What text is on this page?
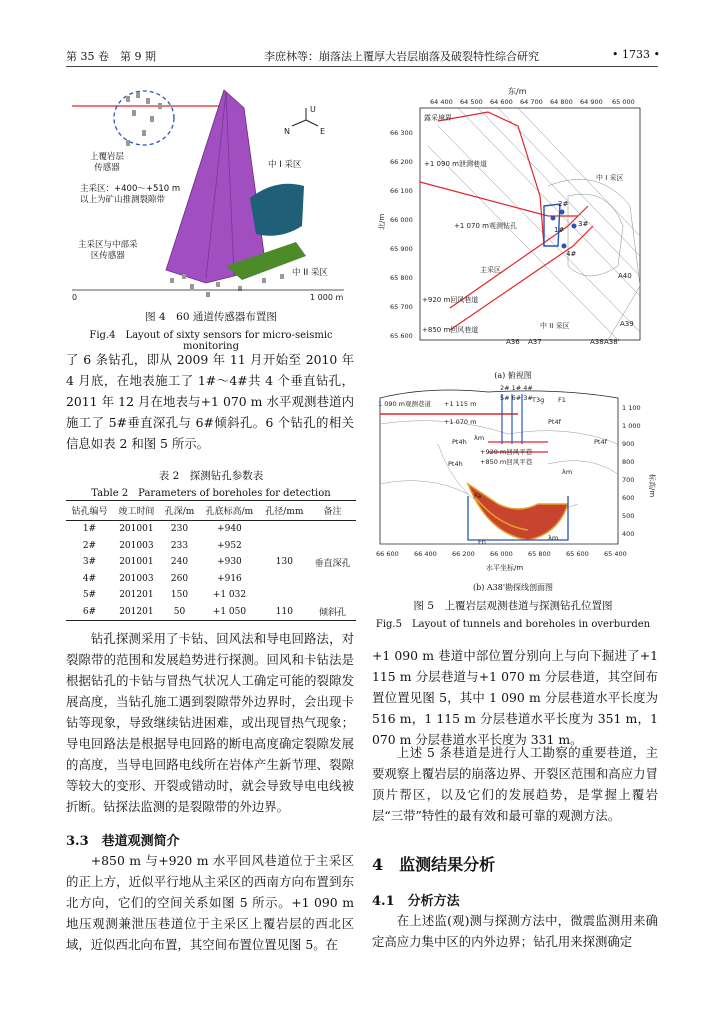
第 35 卷　第 9 期	李庶林等：崩落法上覆厚大岩层崩落及破裂特性综合研究	• 1733 •
U
N	E
0	1 000 m
上覆岩层
传感器	中 I 采区
主采区：+400～+510 m
以上为矿山推测裂隙带
主采区与中部采
区传感器
中 II 采区
图 4　60 通道传感器布置图
Fig.4　Layout of sixty sensors for micro-seismic monitoring

了 6 条钻孔，即从 2009 年 11 月开始至 2010 年 4 月底，在地表施工了 1#～4#共 4 个垂直钻孔，2011 年 12 月在地表与+1 070 m 水平观测巷道内施工了 5#垂直深孔与 6#倾斜孔。6 个钻孔的相关信息如表 2 和图 5 所示。

表 2　探测钻孔参数表
Table 2　Parameters of boreholes for detection
钻孔编号	竣工时间	孔深/m	孔底标高/m	孔径/mm	备注
1#	201001	230	+940		
2#	201003	233	+952		
3#	201001	240	+930	130	垂直深孔
4#	201003	260	+916		
5#	201201	150	+1 032		
6#	201201	50	+1 050	110	倾斜孔

钻孔探测采用了卡钻、回风法和导电回路法，对裂隙带的范围和发展趋势进行探测。回风和卡钻法是根据钻孔的卡钻与冒热气状况人工确定可能的裂隙发展高度，当钻孔施工遇到裂隙带外边界时，会出现卡钻等现象，导致继续钻进困难，或出现冒热气现象；导电回路法是根据导电回路的断电高度确定裂隙发展的高度，当导电回路电线所在岩体产生新节理、裂隙等较大的变形、开裂或错动时，就会导致导电电线被折断。钻探法监测的是裂隙带的外边界。

3.3　巷道观测简介

+850 m 与+920 m 水平回风巷道位于主采区的正上方，近似平行地从主采区的西南方向布置到东北方向，它们的空间关系如图 5 所示。+1 090 m 地压观测兼泄压巷道位于主采区上覆岩层的西北区域，近似西北向布置，其空间布置位置见图 5。在

东/m
64 400 64 500 64 600 64 700 64 800 64 900 65 000
66 300
66 200
66 100
66 000
65 900
65 800
65 700
65 600
北/m
露采境界
+1 090 m泄测巷道
+1 070 m观测钻孔
+920 m回风巷道
+850 m回风巷道
主采区
中 I 采区
中 II 采区
A40
A39
A38'
A38
A36 A37
1#
2#
3#
4#
(a) 俯视图
1 100
1 000
900
800
700
600
500
400
标高/m
66 600 66 400 66 200 66 000 65 800 65 600 65 400
水平坐标/m
1 090 m观测巷道 +1 115 m
+1 070 m
2# 1# 4#
5# 6# 3# T3g F1
Pt4h
Pt4h
Pt4f
Pt4f
+920 m回风平巷
+850 m回风平巷
λm
λm
λm
Fa
Fn
(b) A38'勘探线剖面图
图 5　上覆岩层观测巷道与探测钻孔位置图
Fig.5　Layout of tunnels and boreholes in overburden

+1 090 m 巷道中部位置分别向上与向下掘进了+1 115 m 分层巷道与+1 070 m 分层巷道，其空间布置位置见图 5，其中 1 090 m 分层巷道水平长度为 516 m，1 115 m 分层巷道水平长度为 351 m，1 070 m 分层巷道水平长度为 331 m。

上述 5 条巷道是进行人工勘察的重要巷道，主要观察上覆岩层的崩落边界、开裂区范围和高应力冒顶片帮区，以及它们的发展趋势，是掌握上覆岩层“三带”特性的最有效和最可靠的观测方法。

4　监测结果分析
4.1　分析方法

在上述监(观)测与探测方法中，微震监测用来确定高应力集中区的内外边界；钻孔用来探测确定
